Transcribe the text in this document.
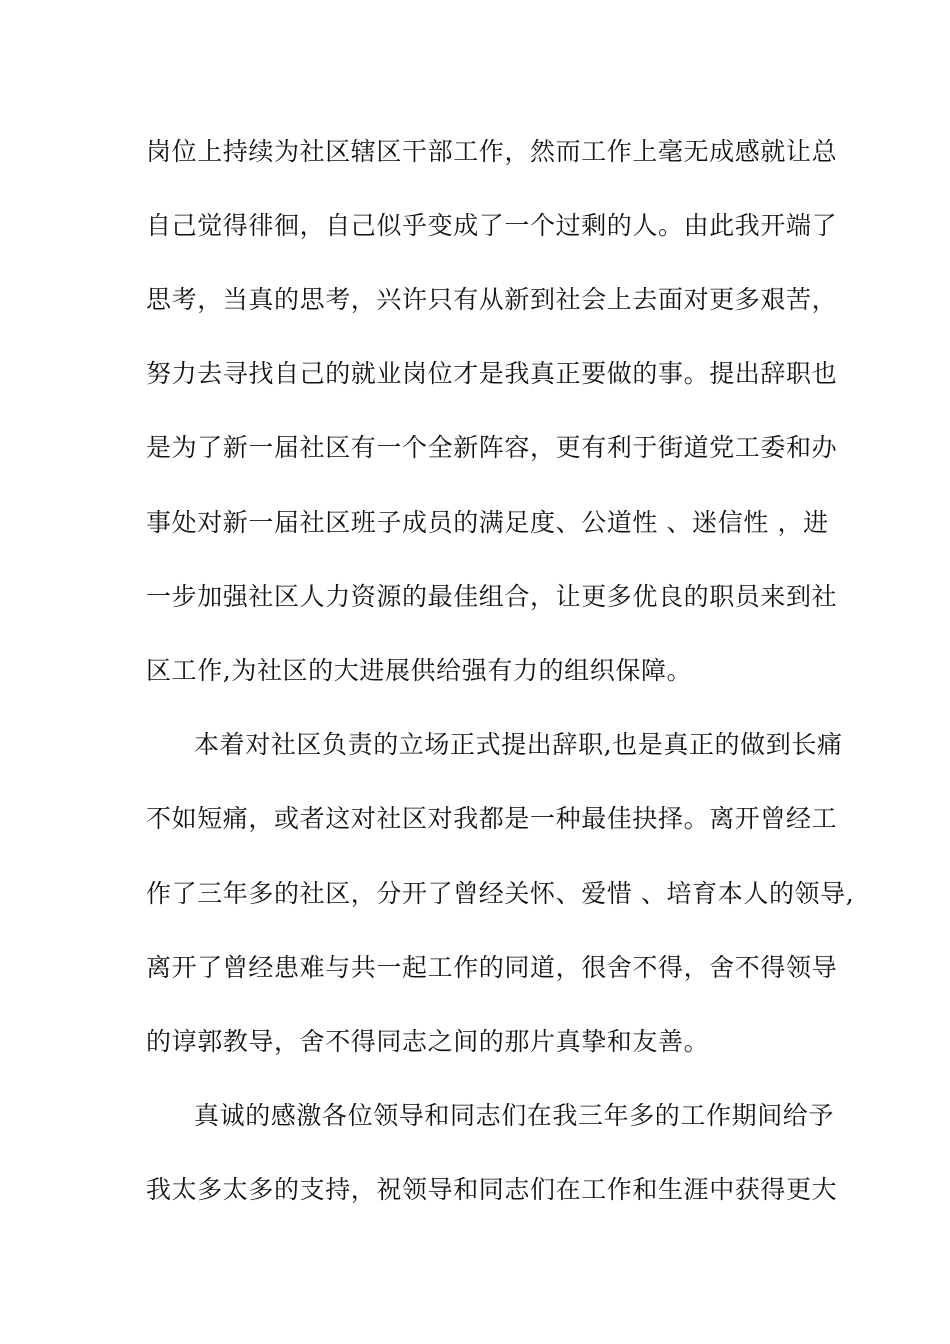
岗位上持续为社区辖区干部工作，然而工作上毫无成感就让总
自己觉得徘徊，自己似乎变成了一个过剩的人。由此我开端了
思考，当真的思考，兴许只有从新到社会上去面对更多艰苦，
努力去寻找自己的就业岗位才是我真正要做的事。提出辞职也
是为了新一届社区有一个全新阵容，更有利于街道党工委和办
事处对新一届社区班子成员的满足度、公道性 、迷信性 ，进
一步加强社区人力资源的最佳组合，让更多优良的职员来到社
区工作,为社区的大进展供给强有力的组织保障。
本着对社区负责的立场正式提出辞职,也是真正的做到长痛
不如短痛，或者这对社区对我都是一种最佳抉择。离开曾经工
作了三年多的社区，分开了曾经关怀、爱惜 、培育本人的领导,
离开了曾经患难与共一起工作的同道，很舍不得，舍不得领导
的谆郭教导，舍不得同志之间的那片真挚和友善。
真诚的感激各位领导和同志们在我三年多的工作期间给予
我太多太多的支持，祝领导和同志们在工作和生涯中获得更大
